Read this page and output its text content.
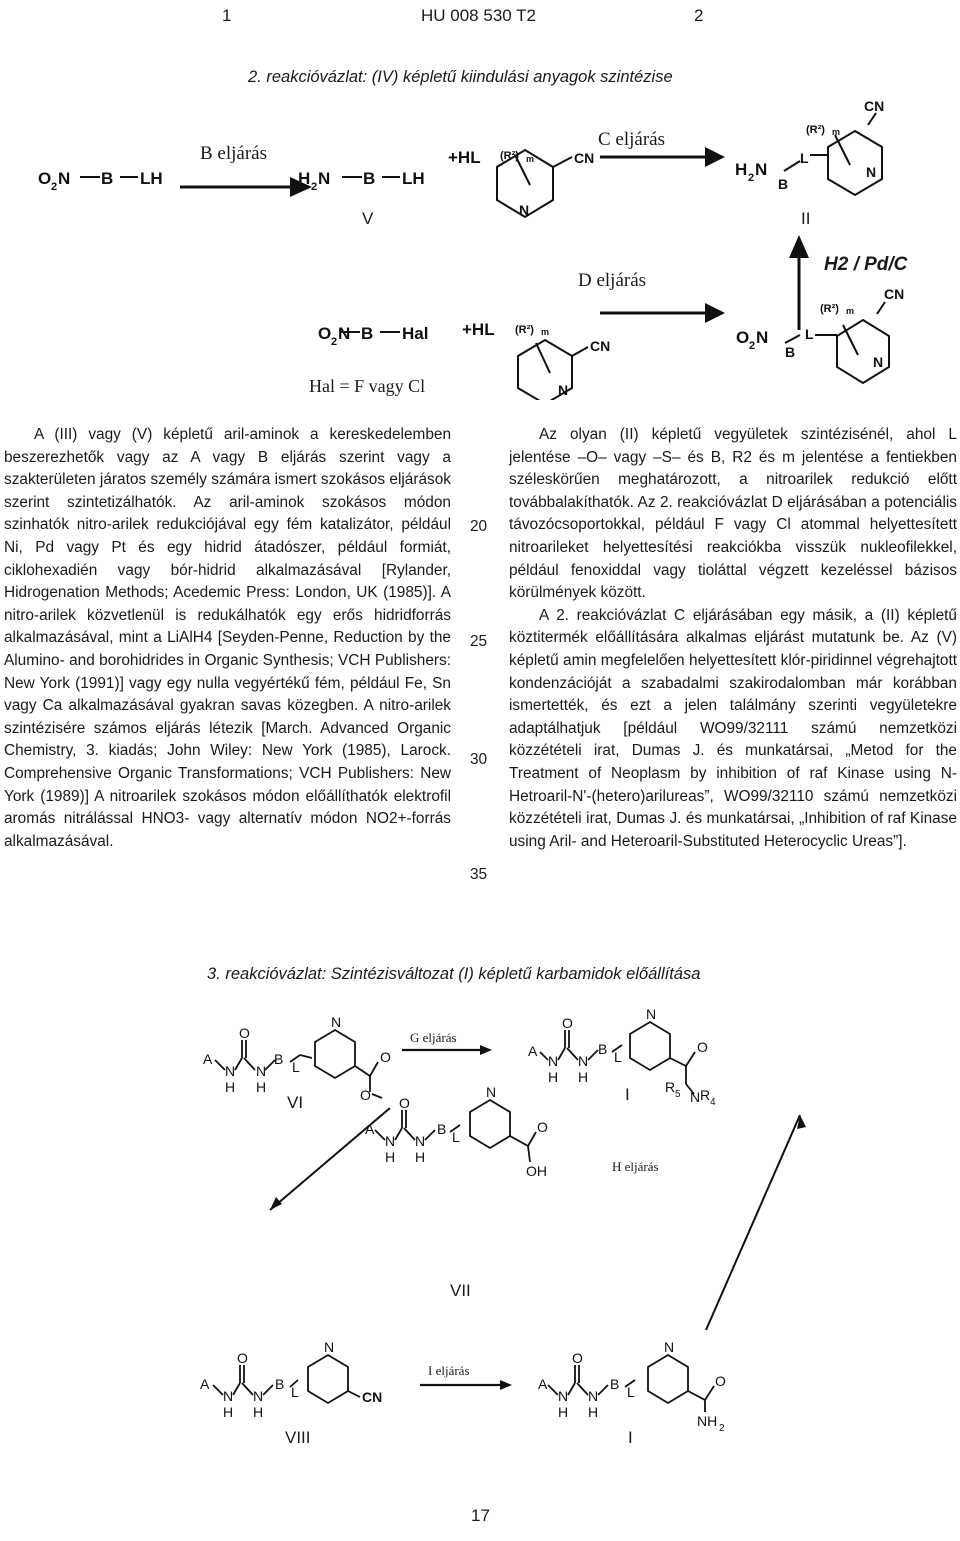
1	HU 008 530 T2	2
2. reakcióvázlat: (IV) képletű kiindulási anyagok szintézise
O 2 N B LH	H 2 N B LH
+HL (R²) m	CN
N
H 2 N
B
L
(R²) m
CN
N
O 2 N B Hal +HL (R²) m
CN
N
O 2 N
B
L
(R²) m
CN
N
B eljárás
C eljárás
D eljárás
H2 / Pd/C
V	II
Hal = F vagy Cl

A (III) vagy (V) képletű aril-aminok a kereskedelemben beszerezhetők vagy az A vagy B eljárás szerint vagy a szakterületen járatos személy számára ismert szokásos eljárások szerint szintetizálhatók. Az aril-aminok szokásos módon szinhatók nitro-arilek redukciójával egy fém katalizátor, például Ni, Pd vagy Pt és egy hidrid átadószer, például formiát, ciklohexadién vagy bór-hidrid alkalmazásával [Rylander, Hidrogenation Methods; Acedemic Press: London, UK (1985)]. A nitro-arilek közvetlenül is redukálhatók egy erős hidridforrás alkalmazásával, mint a LiAlH4 [Seyden-Penne, Reduction by the Alumino- and borohidrides in Organic Synthesis; VCH Publishers: New York (1991)] vagy egy nulla vegyértékű fém, például Fe, Sn vagy Ca alkalmazásával gyakran savas közegben. A nitro-arilek szintézisére számos eljárás létezik [March. Advanced Organic Chemistry, 3. kiadás; John Wiley: New York (1985), Larock. Comprehensive Organic Transformations; VCH Publishers: New York (1989)] A nitroarilek szokásos módon előállíthatók elektrofil aromás nitrálással HNO3- vagy alternatív módon NO2+-forrás alkalmazásával.

20
25
30
35

Az olyan (II) képletű vegyületek szintézisénél, ahol L jelentése –O– vagy –S– és B, R2 és m jelentése a fentiekben széleskörűen meghatározott, a nitroarilek redukció előtt továbbalakíthatók. Az 2. reakcióvázlat D eljárásában a potenciális távozócsoportokkal, például F vagy Cl atommal helyettesített nitroarileket helyettesítési reakciókba visszük nukleofilekkel, például fenoxiddal vagy tioláttal végzett kezeléssel bázisos körülmények között.

A 2. reakcióvázlat C eljárásában egy másik, a (II) képletű köztitermék előállítására alkalmas eljárást mutatunk be. Az (V) képletű amin megfelelően helyettesített klór-piridinnel végrehajtott kondenzációját a szabadalmi szakirodalomban már korábban ismertették, és ezt a jelen találmány szerinti vegyületekre adaptálhatjuk [például WO99/32111 számú nemzetközi közzétételi irat, Dumas J. és munkatársai, „Metod for the Treatment of Neoplasm by inhibition of raf Kinase using N-Hetroaril-N'-(hetero)arilureas”, WO99/32110 számú nemzetközi közzétételi irat, Dumas J. és munkatársai, „Inhibition of raf Kinase using Aril- and Heteroaril-Substituted Heterocyclic Ureas”].

3. reakcióvázlat: Szintézisváltozat (I) képletű karbamidok előállítása
A
N
H
O
N
H
B L
N
O
O
A
N
H
O
N
H
B L
N
O
N
R 5 R 4
A
N
H
O
N
H
B L
N
O
OH
A
N
H
O
N
H
B L
N
CN
A
N
H
O
N
H
B L
N
O
NH 2
G eljárás
H eljárás
I eljárás
VI	I
VII
VIII	I
17
